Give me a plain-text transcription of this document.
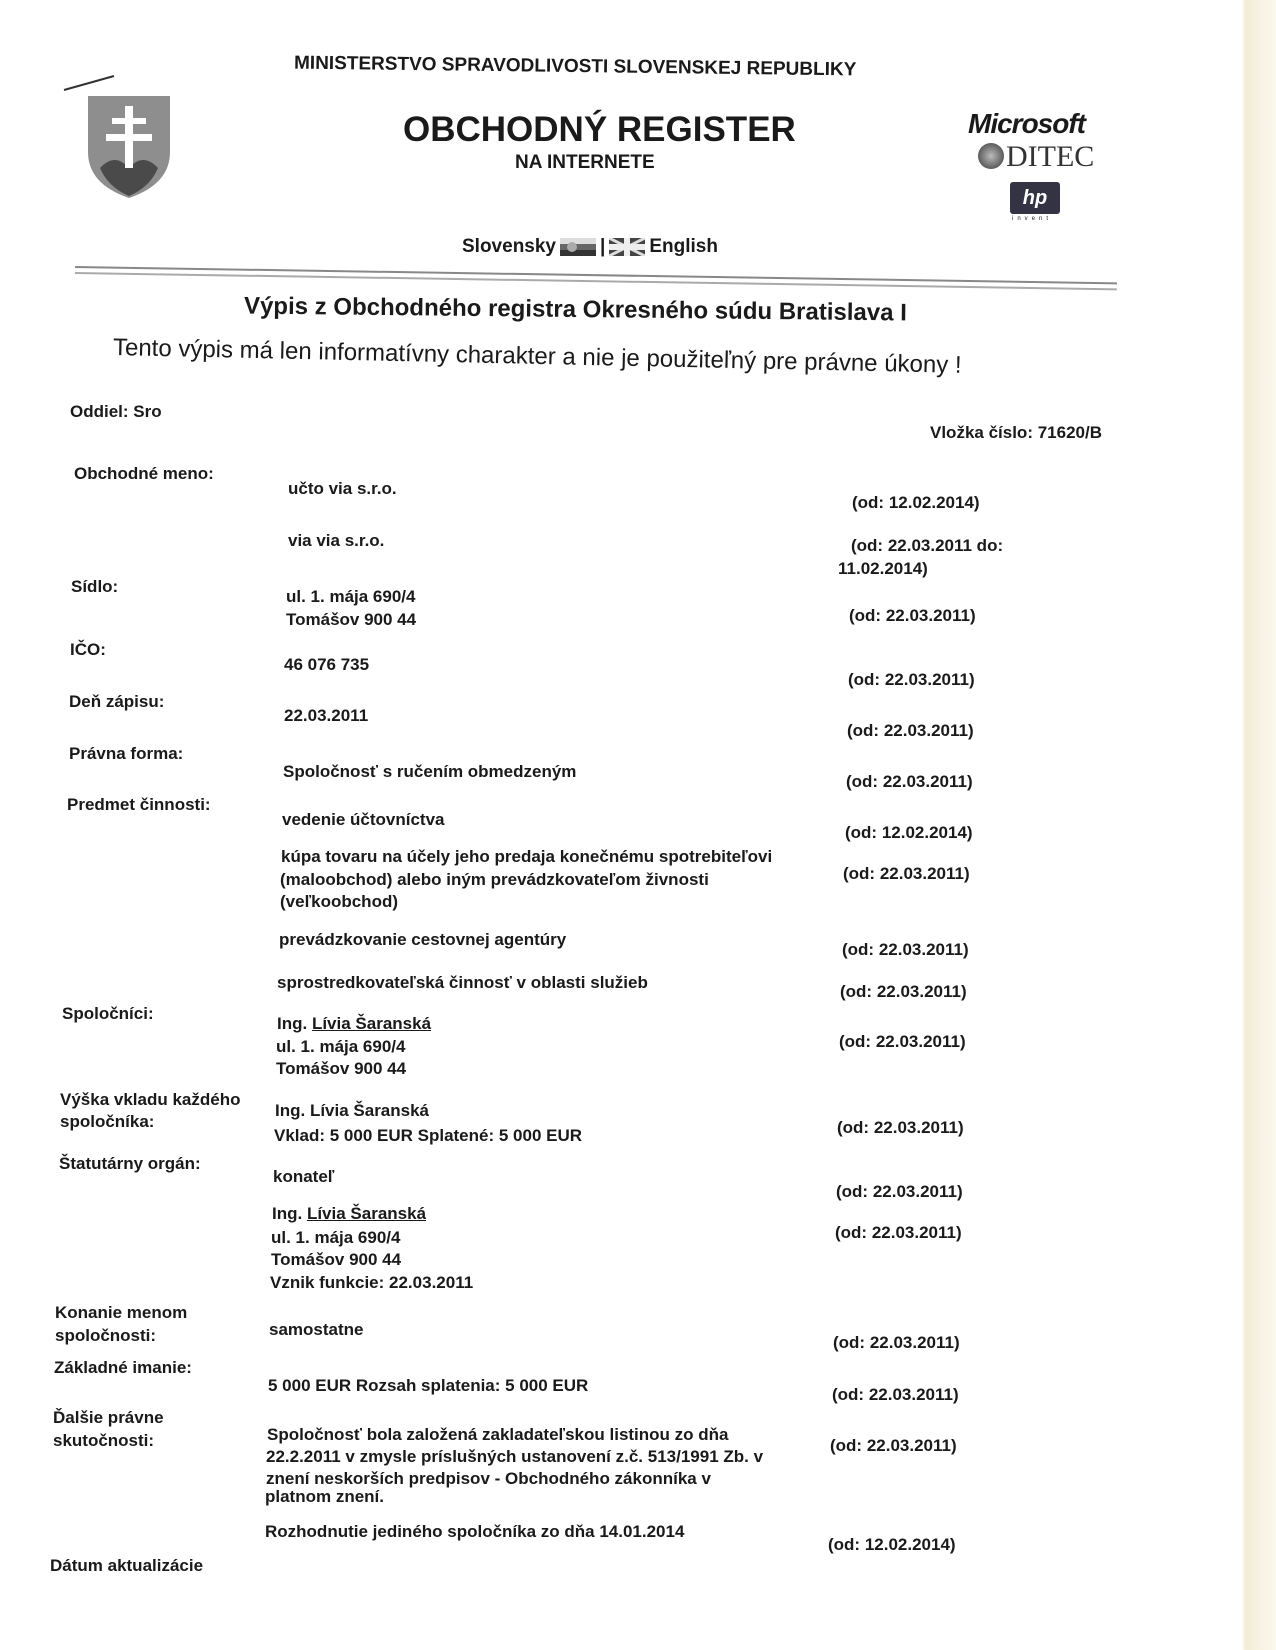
MINISTERSTVO SPRAVODLIVOSTI SLOVENSKEJ REPUBLIKY
OBCHODNÝ REGISTER
NA INTERNETE
Slovensky | English
Microsoft
DITEC
hp
invent
Výpis z Obchodného registra Okresného súdu Bratislava I
Tento výpis má len informatívny charakter a nie je použiteľný pre právne úkony !
Oddiel: Sro
Vložka číslo: 71620/B
Obchodné meno:
Sídlo:
IČO:
Deň zápisu:
Právna forma:
Predmet činnosti:
Spoločníci:
Výška vkladu každého
spoločníka:
Štatutárny orgán:
Konanie menom
spoločnosti:
Základné imanie:
Ďalšie právne
skutočnosti:
Dátum aktualizácie
učto via s.r.o.
via via s.r.o.
ul. 1. mája 690/4
Tomášov 900 44
46 076 735
22.03.2011
Spoločnosť s ručením obmedzeným
vedenie účtovníctva
kúpa tovaru na účely jeho predaja konečnému spotrebiteľovi
(maloobchod) alebo iným prevádzkovateľom živnosti
(veľkoobchod)
prevádzkovanie cestovnej agentúry
sprostredkovateľská činnosť v oblasti služieb
Ing. Lívia Šaranská
ul. 1. mája 690/4
Tomášov 900 44
Ing. Lívia Šaranská
Vklad: 5 000 EUR Splatené: 5 000 EUR
konateľ
Ing. Lívia Šaranská
ul. 1. mája 690/4
Tomášov 900 44
Vznik funkcie: 22.03.2011
samostatne
5 000 EUR Rozsah splatenia: 5 000 EUR
Spoločnosť bola založená zakladateľskou listinou zo dňa
22.2.2011 v zmysle príslušných ustanovení z.č. 513/1991 Zb. v
znení neskorších predpisov - Obchodného zákonníka v
platnom znení.
Rozhodnutie jediného spoločníka zo dňa 14.01.2014
(od: 12.02.2014)
(od: 22.03.2011 do:
11.02.2014)
(od: 22.03.2011)
(od: 22.03.2011)
(od: 22.03.2011)
(od: 22.03.2011)
(od: 12.02.2014)
(od: 22.03.2011)
(od: 22.03.2011)
(od: 22.03.2011)
(od: 22.03.2011)
(od: 22.03.2011)
(od: 22.03.2011)
(od: 22.03.2011)
(od: 22.03.2011)
(od: 22.03.2011)
(od: 22.03.2011)
(od: 12.02.2014)
